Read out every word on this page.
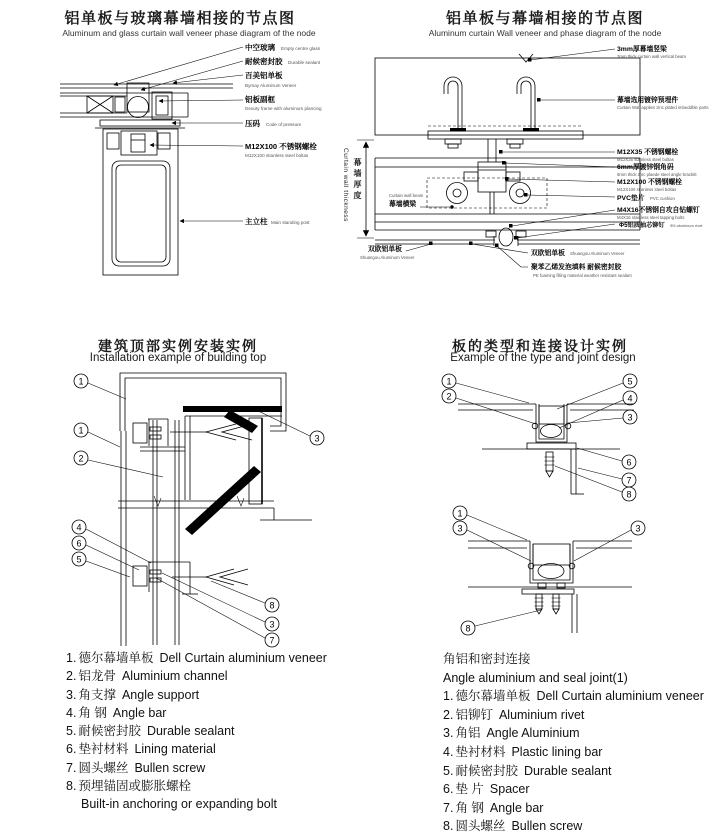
铝单板与玻璃幕墙相接的节点图
Aluminum and glass curtain wall veneer phase diagram of the node
铝单板与幕墙相接的节点图
Aluminum curtain Wall veneer and phase diagram of the node
建筑顶部实例安装实例
Installation example of building top
板的类型和连接设计实例
Example of the type and joint design
中空玻璃 Empty centre glass
耐候密封胶 Durable sealant
百美铝单板
Bymay Aluminum Veneer
铝板副框
Deouty frame with aluminum plancing
压码 Code of pressure
M12X100 不锈钢螺栓
M12X100 stianless steel boltas
主立柱 Main standing post
3mm厚幕墙竖梁
3mm thick curtain wall vertical beam
幕墙选用镀锌预埋件
Curtain Wall applies zinc plated imbeddble parts
M12X35 不锈钢螺栓
M12X35 stainless steel boltas
6mm厚镀锌钢角码
6mm thick zinc plaede steel angle brackitt
M12X100 不锈钢螺栓
M12X100 stianless steel boltas
PVC垫片 PVC cushion
M4X16不锈钢自攻自钻螺钉
M4X16 stainless steel tapping bolts
Φ5铝质抽芯铆钉 Φ5 aluminum rivet
Curtain wall beam
幕墙横梁
双欧铝单板
Shuangou Aluminum Veneer
双欧铝单板 Shuangou Aluminum Veneer
聚苯乙烯发泡填料 耐候密封胶
PE foaming filling material weather resistant sealant
Curtain wall thickness 幕墙厚度
1
1
2
3
4
6
5
8
3
7
1
2
5
4
3
6
7
8
1
3	3
8
1. 德尔幕墙单板 Dell Curtain aluminium veneer
2. 铝龙骨 Aluminium channel
3. 角支撑 Angle support
4. 角 钢 Angle bar
5. 耐候密封胶 Durable sealant
6. 垫衬材料 Lining material
7. 圆头螺丝 Bullen screw
8. 预埋锚固或膨胀螺栓
Built-in anchoring or expanding bolt
角铝和密封连接
Angle aluminium and seal joint(1)
1. 德尔幕墙单板 Dell Curtain aluminium veneer
2. 铝铆钉 Aluminium rivet
3. 角铝 Angle Aluminium
4. 垫衬材料 Plastic lining bar
5. 耐候密封胶 Durable sealant
6. 垫 片 Spacer
7. 角 钢 Angle bar
8. 圆头螺丝 Bullen screw
